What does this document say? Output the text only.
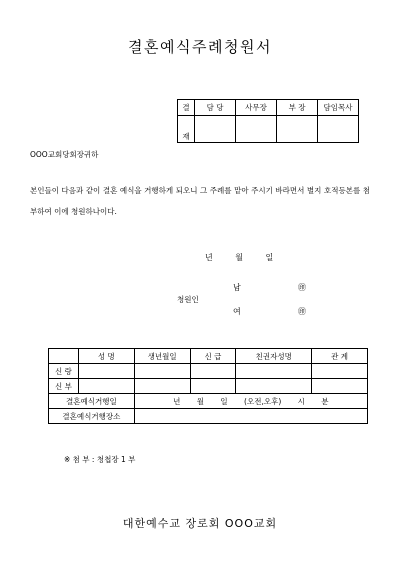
결혼예식주례청원서
결	담 당	사무장	부 장	담임목사
재				
OOO교회당회장귀하
본인들이 다음과 같이 결혼 예식을 거행하게 되오니 그 주례를 맡아 주시기 바라면서 별지 호적등본를 첨부하여 이에 청원하나이다.
년 월 일
청원인
남	㊞
여	㊞
	성 명	생년월일	신 급	친권자성명	관 계
신 랑					
신 부					
결혼예식거행일		년 월 일 (오전,오후) 시 분			
결혼예식거행장소					
※ 첨 부 : 청첩장 1 부
대한예수교 장로회 OOO교회
